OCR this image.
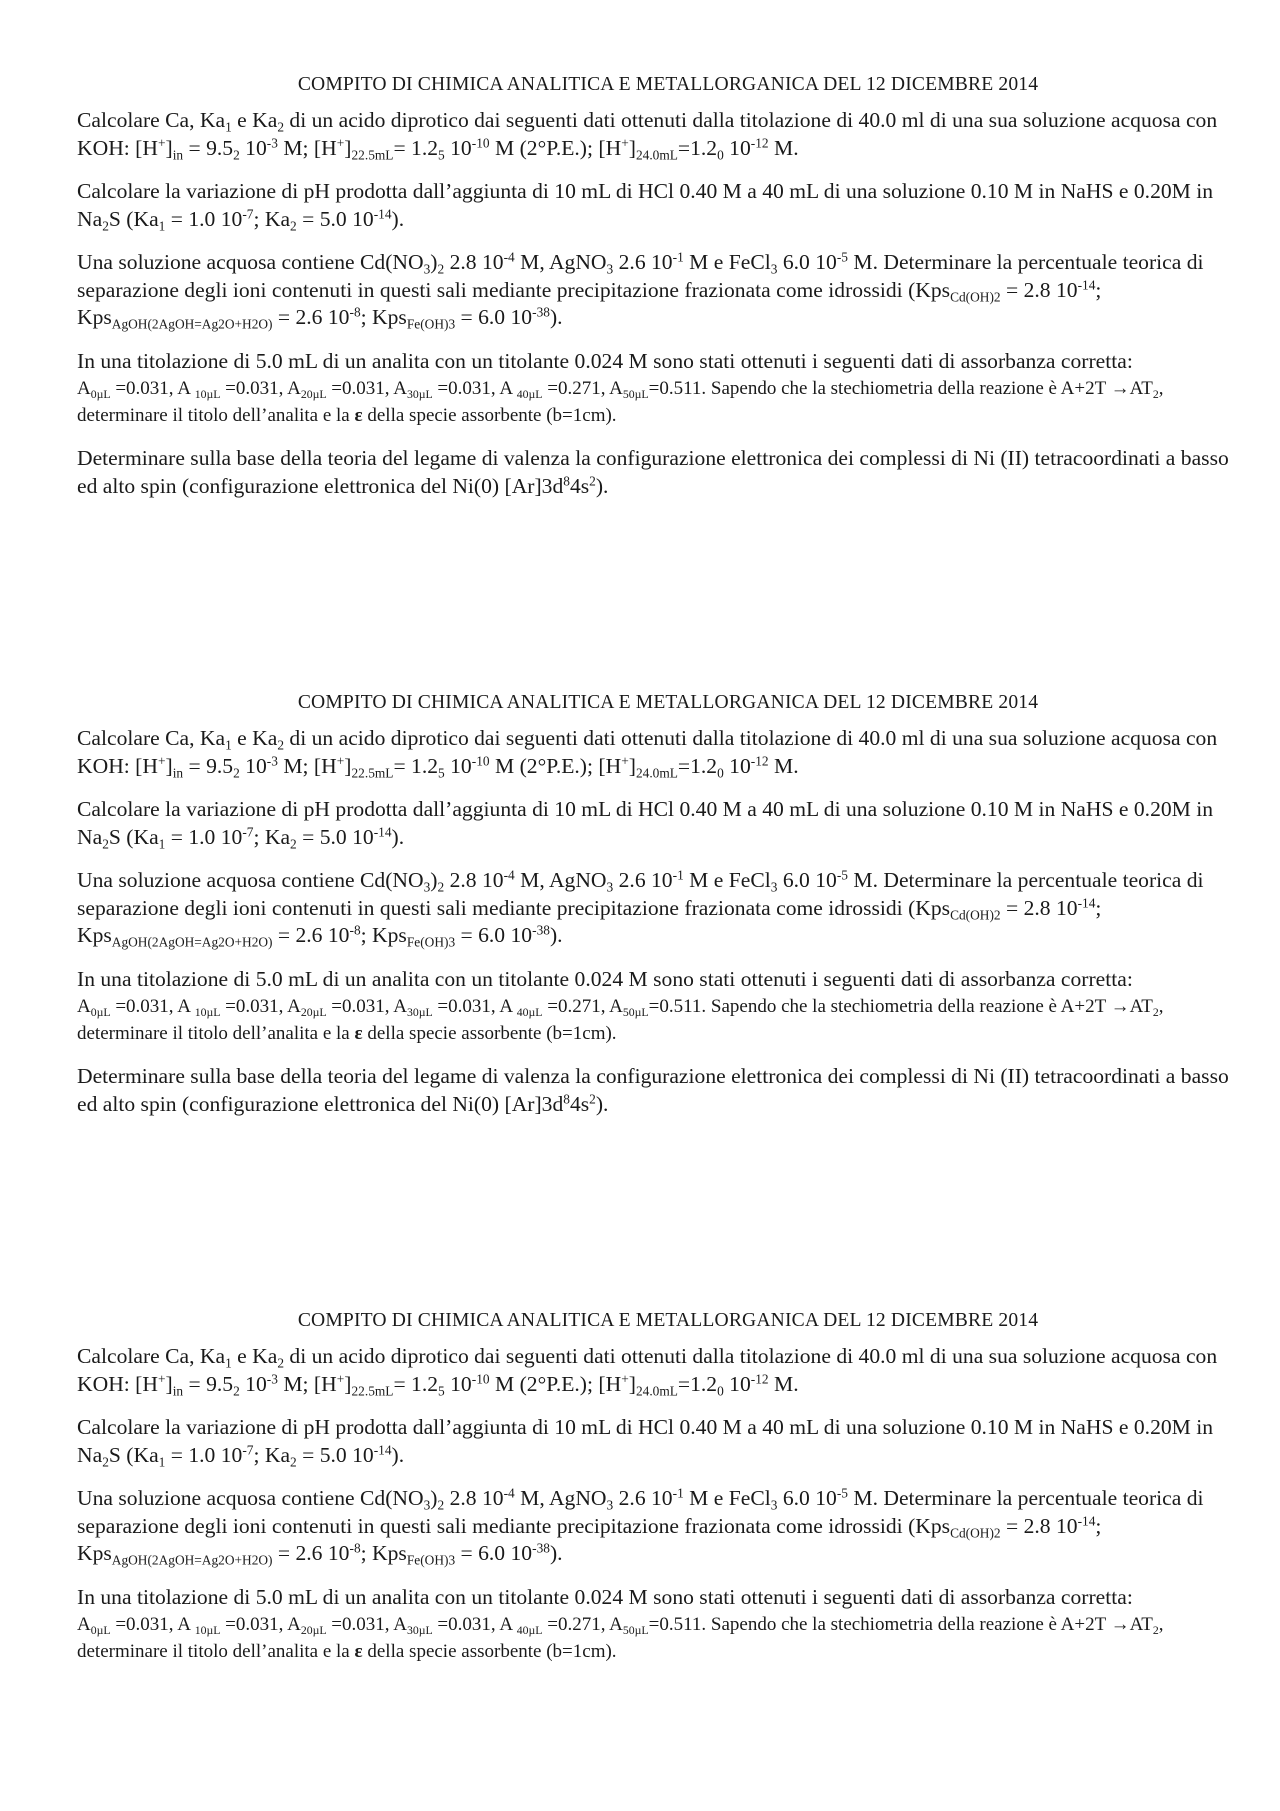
COMPITO DI CHIMICA ANALITICA E METALLORGANICA DEL 12 DICEMBRE 2014

Calcolare Ca, $Ka_1$ e $Ka_2$ di un acido diprotico dai seguenti dati ottenuti dalla titolazione di 40.0 ml di una sua soluzione acquosa con KOH: $[H^+]_{in} = 9.5_2$ $10^{-3}$ M; $[H^+]_{22.5mL}= 1.2_5$ $10^{-10}$ M (2°P.E.); $[H^+]_{24.0mL}=1.2_0$ $10^{-12}$ M.

Calcolare la variazione di pH prodotta dall’aggiunta di 10 mL di HCl 0.40 M a 40 mL di una soluzione 0.10 M in NaHS e 0.20M in $Na_2S$ ($Ka_1 = 1.0$ $10^{-7}$; $Ka_2 = 5.0$ $10^{-14}$).

Una soluzione acquosa contiene $Cd(NO_3)_2$ 2.8 $10^{-4}$ M, AgNO$_3$ 2.6 $10^{-1}$ M e FeCl$_3$ 6.0 $10^{-5}$ M. Determinare la percentuale teorica di separazione degli ioni contenuti in questi sali mediante precipitazione frazionata come idrossidi (Kps$_{Cd(OH)2}$ = 2.8 $10^{-14}$; Kps$_{AgOH(2AgOH=Ag2O+H2O)}$ = 2.6 $10^{-8}$; Kps$_{Fe(OH)3}$ = 6.0 $10^{-38}$).

In una titolazione di 5.0 mL di un analita con un titolante 0.024 M sono stati ottenuti i seguenti dati di assorbanza corretta:
$A_{0\mu L} =0.031$, A $_{10\mu L}$ =0.031, $A_{20\mu L} =0.031$, $A_{30\mu L} =0.031$, A $_{40\mu L}$ =0.271, $A_{50\mu L}=0.511$. Sapendo che la stechiometria della reazione è $A+2T \to AT_2$, determinare il titolo dell’analita e la ε della specie assorbente (b=1cm).

Determinare sulla base della teoria del legame di valenza la configurazione elettronica dei complessi di Ni (II) tetracoordinati a basso ed alto spin (configurazione elettronica del Ni(0) $[Ar]3d^84s^2$).

COMPITO DI CHIMICA ANALITICA E METALLORGANICA DEL 12 DICEMBRE 2014

Calcolare Ca, $Ka_1$ e $Ka_2$ di un acido diprotico dai seguenti dati ottenuti dalla titolazione di 40.0 ml di una sua soluzione acquosa con KOH: $[H^+]_{in} = 9.5_2$ $10^{-3}$ M; $[H^+]_{22.5mL}= 1.2_5$ $10^{-10}$ M (2°P.E.); $[H^+]_{24.0mL}=1.2_0$ $10^{-12}$ M.

Calcolare la variazione di pH prodotta dall’aggiunta di 10 mL di HCl 0.40 M a 40 mL di una soluzione 0.10 M in NaHS e 0.20M in $Na_2S$ ($Ka_1 = 1.0$ $10^{-7}$; $Ka_2 = 5.0$ $10^{-14}$).

Una soluzione acquosa contiene $Cd(NO_3)_2$ 2.8 $10^{-4}$ M, AgNO$_3$ 2.6 $10^{-1}$ M e FeCl$_3$ 6.0 $10^{-5}$ M. Determinare la percentuale teorica di separazione degli ioni contenuti in questi sali mediante precipitazione frazionata come idrossidi (Kps$_{Cd(OH)2}$ = 2.8 $10^{-14}$; Kps$_{AgOH(2AgOH=Ag2O+H2O)}$ = 2.6 $10^{-8}$; Kps$_{Fe(OH)3}$ = 6.0 $10^{-38}$).

In una titolazione di 5.0 mL di un analita con un titolante 0.024 M sono stati ottenuti i seguenti dati di assorbanza corretta:
$A_{0\mu L} =0.031$, A $_{10\mu L}$ =0.031, $A_{20\mu L} =0.031$, $A_{30\mu L} =0.031$, A $_{40\mu L}$ =0.271, $A_{50\mu L}=0.511$. Sapendo che la stechiometria della reazione è $A+2T \to AT_2$, determinare il titolo dell’analita e la ε della specie assorbente (b=1cm).

Determinare sulla base della teoria del legame di valenza la configurazione elettronica dei complessi di Ni (II) tetracoordinati a basso ed alto spin (configurazione elettronica del Ni(0) $[Ar]3d^84s^2$).

COMPITO DI CHIMICA ANALITICA E METALLORGANICA DEL 12 DICEMBRE 2014

Calcolare Ca, $Ka_1$ e $Ka_2$ di un acido diprotico dai seguenti dati ottenuti dalla titolazione di 40.0 ml di una sua soluzione acquosa con KOH: $[H^+]_{in} = 9.5_2$ $10^{-3}$ M; $[H^+]_{22.5mL}= 1.2_5$ $10^{-10}$ M (2°P.E.); $[H^+]_{24.0mL}=1.2_0$ $10^{-12}$ M.

Calcolare la variazione di pH prodotta dall’aggiunta di 10 mL di HCl 0.40 M a 40 mL di una soluzione 0.10 M in NaHS e 0.20M in $Na_2S$ ($Ka_1 = 1.0$ $10^{-7}$; $Ka_2 = 5.0$ $10^{-14}$).

Una soluzione acquosa contiene $Cd(NO_3)_2$ 2.8 $10^{-4}$ M, AgNO$_3$ 2.6 $10^{-1}$ M e FeCl$_3$ 6.0 $10^{-5}$ M. Determinare la percentuale teorica di separazione degli ioni contenuti in questi sali mediante precipitazione frazionata come idrossidi (Kps$_{Cd(OH)2}$ = 2.8 $10^{-14}$; Kps$_{AgOH(2AgOH=Ag2O+H2O)}$ = 2.6 $10^{-8}$; Kps$_{Fe(OH)3}$ = 6.0 $10^{-38}$).

In una titolazione di 5.0 mL di un analita con un titolante 0.024 M sono stati ottenuti i seguenti dati di assorbanza corretta:
$A_{0\mu L} =0.031$, A $_{10\mu L}$ =0.031, $A_{20\mu L} =0.031$, $A_{30\mu L} =0.031$, A $_{40\mu L}$ =0.271, $A_{50\mu L}=0.511$. Sapendo che la stechiometria della reazione è $A+2T \to AT_2$, determinare il titolo dell’analita e la ε della specie assorbente (b=1cm).
